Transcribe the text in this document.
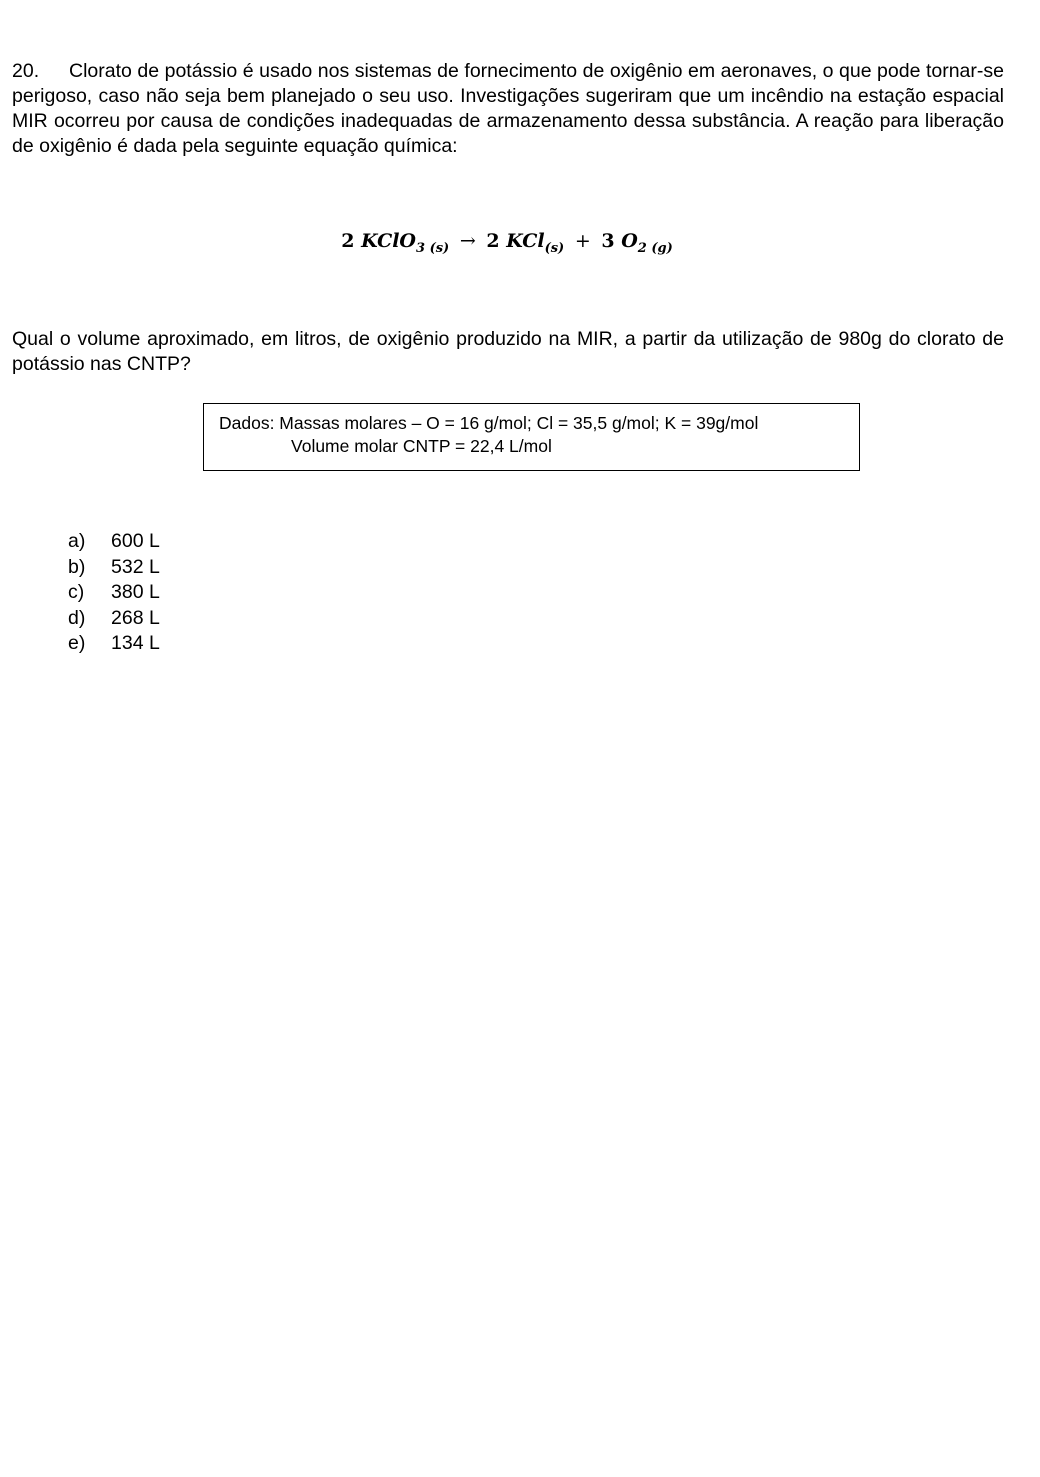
20. Clorato de potássio é usado nos sistemas de fornecimento de oxigênio em aeronaves, o que pode tornar-se perigoso, caso não seja bem planejado o seu uso. Investigações sugeriram que um incêndio na estação espacial MIR ocorreu por causa de condições inadequadas de armazenamento dessa substância. A reação para liberação de oxigênio é dada pela seguinte equação química:

2 KClO$_{3 (s)}$ → 2 KCl$_{(s)}$ + 3 $O_{2 (g)}$

Qual o volume aproximado, em litros, de oxigênio produzido na MIR, a partir da utilização de 980g do clorato de potássio nas CNTP?

Dados: Massas molares – O = 16 g/mol; Cl = 35,5 g/mol; K = 39g/mol
Volume molar CNTP = 22,4 L/mol
a) 600 L
b) 532 L
c) 380 L
d) 268 L
e) 134 L
